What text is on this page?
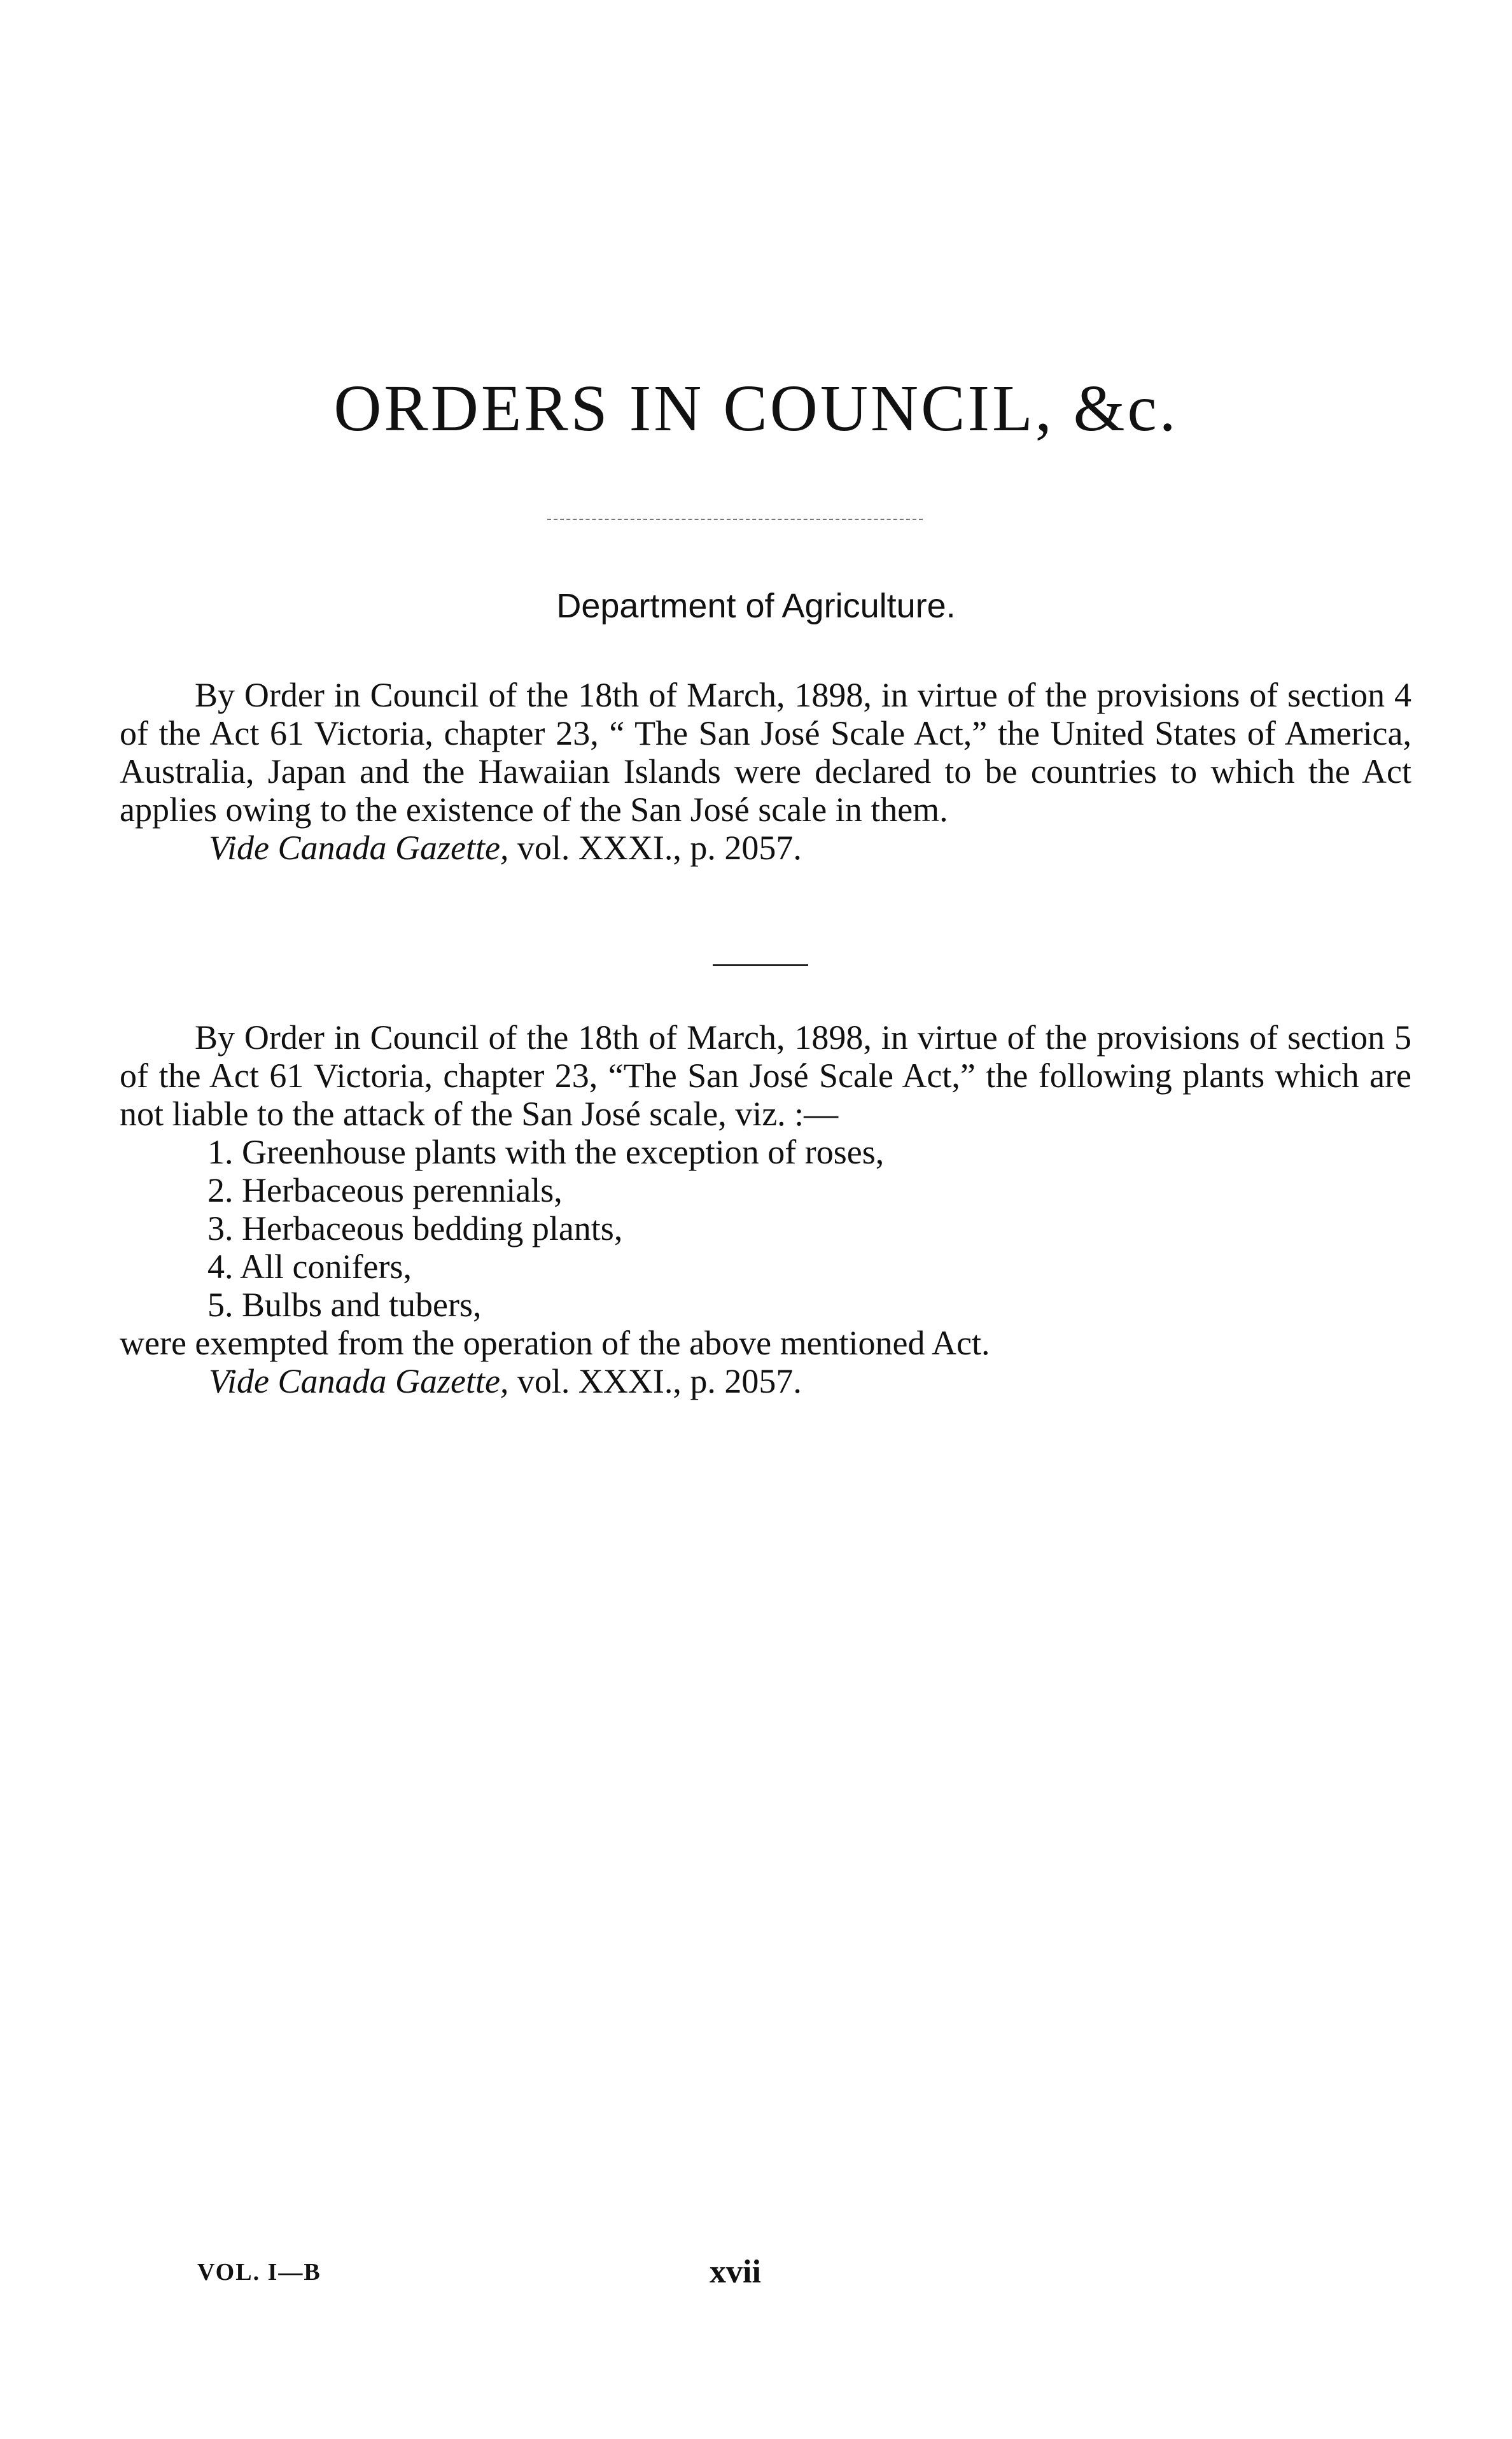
ORDERS IN COUNCIL, &c.
Department of Agriculture.

By Order in Council of the 18th of March, 1898, in virtue of the provisions of section 4 of the Act 61 Victoria, chapter 23, “ The San José Scale Act,” the United States of America, Australia, Japan and the Hawaiian Islands were declared to be countries to which the Act applies owing to the existence of the San José scale in them.

Vide Canada Gazette, vol. XXXI., p. 2057.

By Order in Council of the 18th of March, 1898, in virtue of the provisions of section 5 of the Act 61 Victoria, chapter 23, “The San José Scale Act,” the following plants which are not liable to the attack of the San José scale, viz. :—

1. Greenhouse plants with the exception of roses,
2. Herbaceous perennials,
3. Herbaceous bedding plants,
4. All conifers,
5. Bulbs and tubers,

were exempted from the operation of the above mentioned Act.

Vide Canada Gazette, vol. XXXI., p. 2057.
VOL. I—B	xvii
